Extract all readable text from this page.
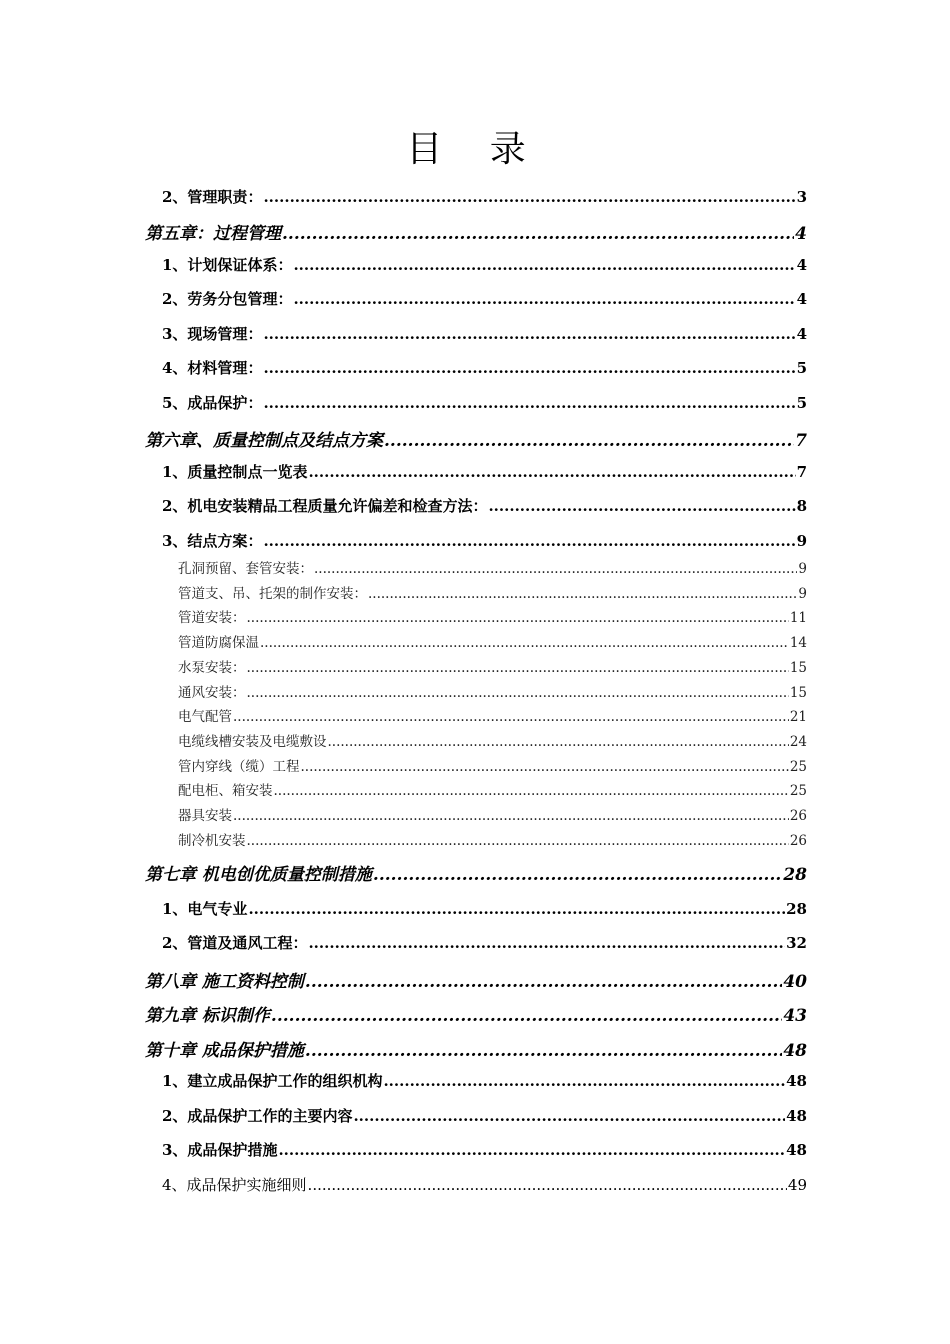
目 录
2、管理职责： .....	3
第五章：过程管理 .....	4
1、计划保证体系： .....	4
2、劳务分包管理： .....	4
3、现场管理： .....	4
4、材料管理： .....	5
5、成品保护： .....	5
第六章、质量控制点及结点方案 .....	7
1、质量控制点一览表 .....	7
2、机电安装精品工程质量允许偏差和检查方法： .....	8
3、结点方案： .....	9
孔洞预留、套管安装： .....	9
管道支、吊、托架的制作安装： .....	9
管道安装： .....	11
管道防腐保温 .....	14
水泵安装： .....	15
通风安装： .....	15
电气配管 .....	21
电缆线槽安装及电缆敷设 .....	24
管内穿线（缆）工程 .....	25
配电柜、箱安装 .....	25
器具安装 .....	26
制冷机安装 .....	26
第七章 机电创优质量控制措施 .....	28
1、电气专业 .....	28
2、管道及通风工程： .....	32
第八章 施工资料控制 .....	40
第九章 标识制作 .....	43
第十章 成品保护措施 .....	48
1、建立成品保护工作的组织机构 .....	48
2、成品保护工作的主要内容 .....	48
3、成品保护措施 .....	48
4、成品保护实施细则 .....	49
